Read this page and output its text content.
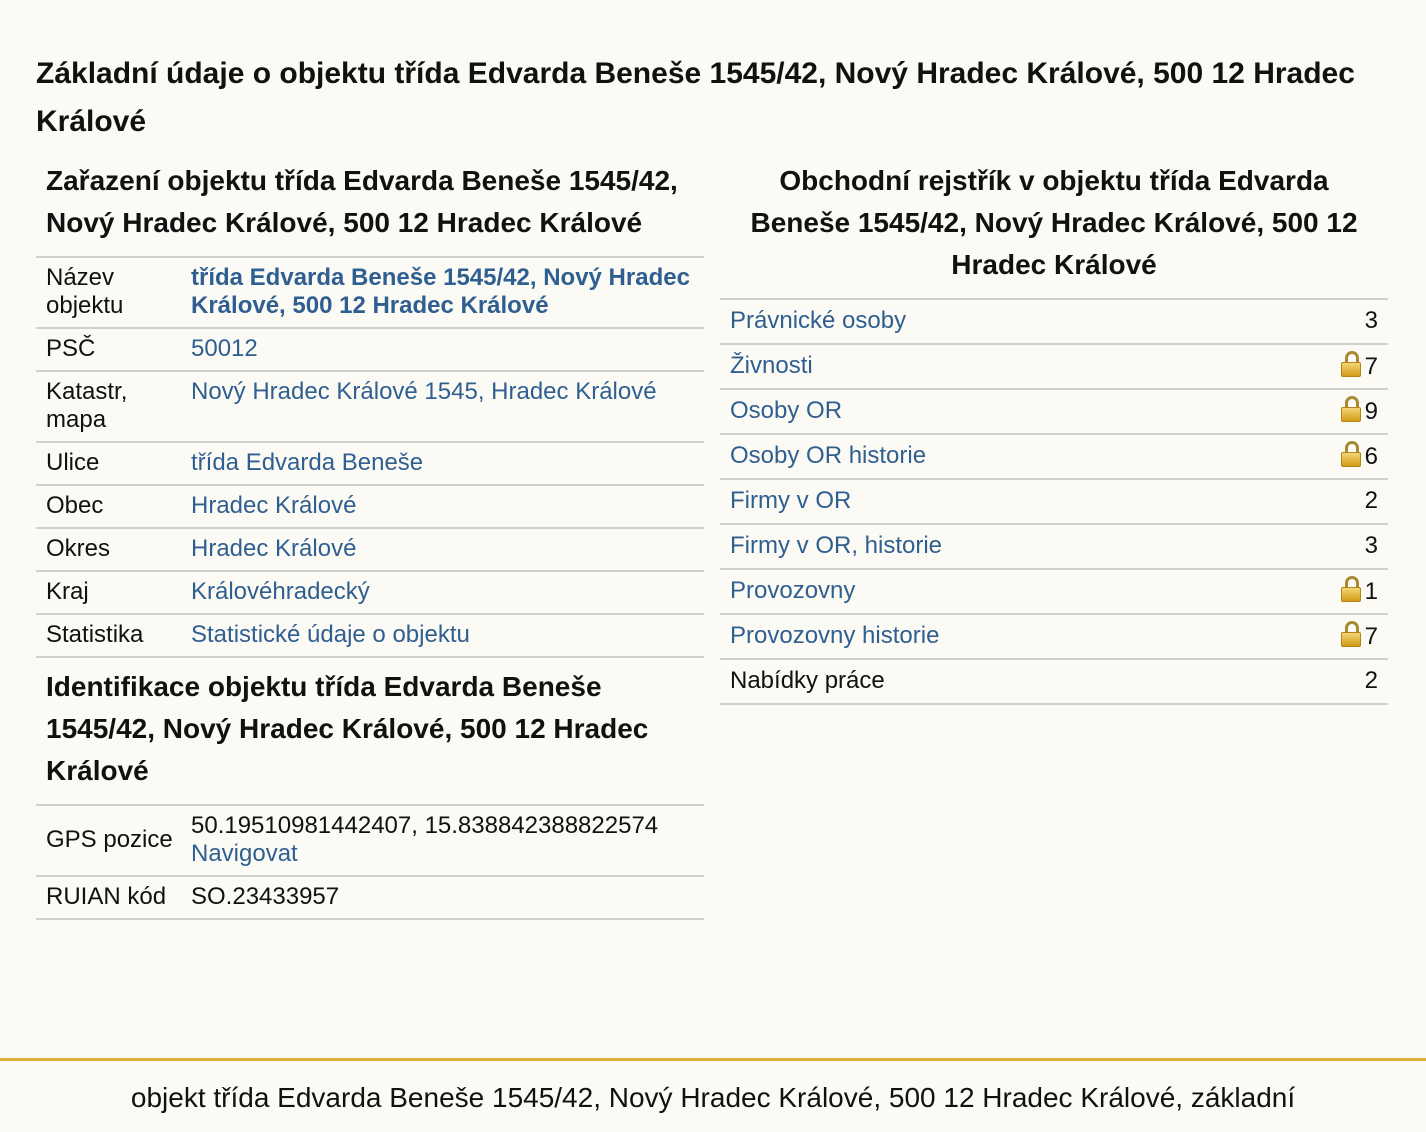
Základní údaje o objektu třída Edvarda Beneše 1545/42, Nový Hradec Králové, 500 12 Hradec Králové
Zařazení objektu třída Edvarda Beneše 1545/42, Nový Hradec Králové, 500 12 Hradec Králové
Název objektu	třída Edvarda Beneše 1545/42, Nový Hradec Králové, 500 12 Hradec Králové
PSČ	50012
Katastr, mapa	Nový Hradec Králové 1545, Hradec Králové
Ulice	třída Edvarda Beneše
Obec	Hradec Králové
Okres	Hradec Králové
Kraj	Královéhradecký
Statistika	Statistické údaje o objektu
Identifikace objektu třída Edvarda Beneše 1545/42, Nový Hradec Králové, 500 12 Hradec Králové
GPS pozice	50.19510981442407, 15.838842388822574
Navigovat
RUIAN kód	SO.23433957
Obchodní rejstřík v objektu třída Edvarda Beneše 1545/42, Nový Hradec Králové, 500 12 Hradec Králové
Právnické osoby	3
Živnosti	7
Osoby OR	9
Osoby OR historie	6
Firmy v OR	2
Firmy v OR, historie	3
Provozovny	1
Provozovny historie	7
Nabídky práce	2
objekt třída Edvarda Beneše 1545/42, Nový Hradec Králové, 500 12 Hradec Králové, základní
